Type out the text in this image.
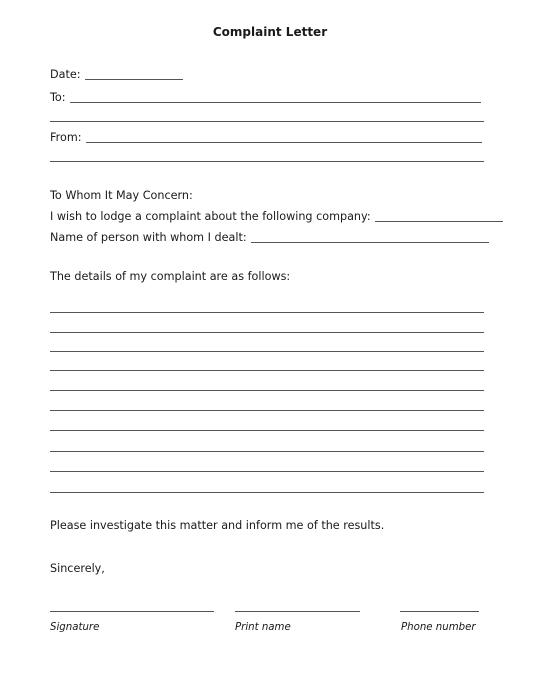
Complaint Letter
Date:
To:
From:
To Whom It May Concern:
I wish to lodge a complaint about the following company:
Name of person with whom I dealt:
The details of my complaint are as follows:
Please investigate this matter and inform me of the results.
Sincerely,
Signature	Print name	Phone number
